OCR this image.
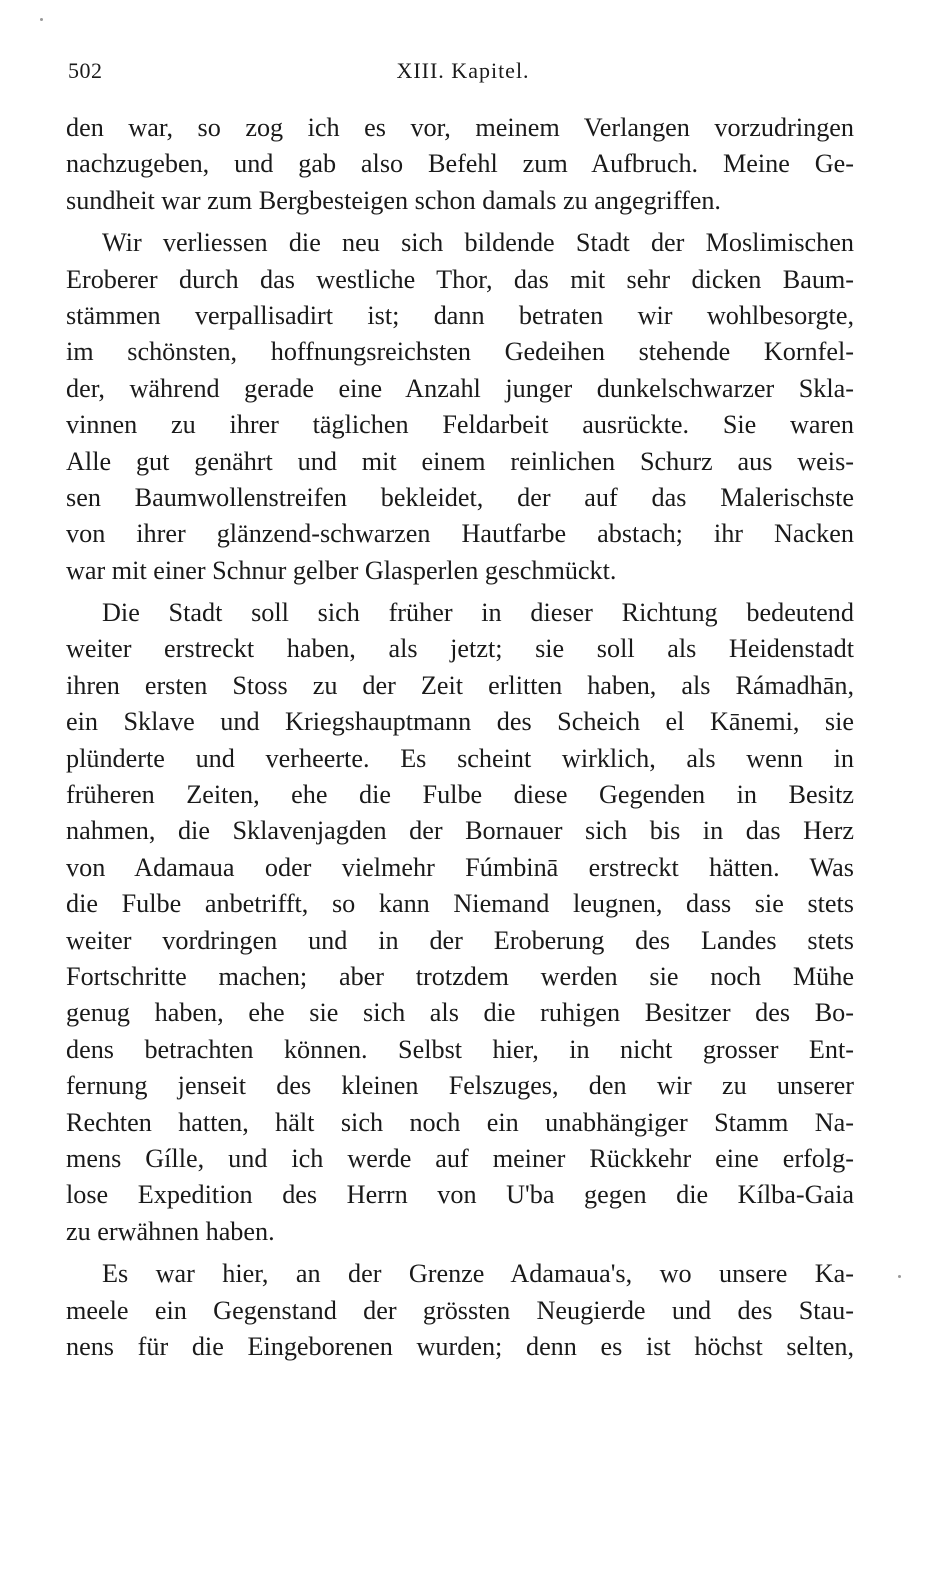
502	XIII. Kapitel.

den war, so zog ich es vor, meinem Verlangen vorzudringen
nachzugeben, und gab also Befehl zum Aufbruch. Meine Ge-
sundheit war zum Bergbesteigen schon damals zu angegriffen.

Wir verliessen die neu sich bildende Stadt der Moslimischen
Eroberer durch das westliche Thor, das mit sehr dicken Baum-
stämmen verpallisadirt ist; dann betraten wir wohlbesorgte,
im schönsten, hoffnungsreichsten Gedeihen stehende Kornfel-
der, während gerade eine Anzahl junger dunkelschwarzer Skla-
vinnen zu ihrer täglichen Feldarbeit ausrückte. Sie waren
Alle gut genährt und mit einem reinlichen Schurz aus weis-
sen Baumwollenstreifen bekleidet, der auf das Malerischste
von ihrer glänzend-schwarzen Hautfarbe abstach; ihr Nacken
war mit einer Schnur gelber Glasperlen geschmückt.

Die Stadt soll sich früher in dieser Richtung bedeutend
weiter erstreckt haben, als jetzt; sie soll als Heidenstadt
ihren ersten Stoss zu der Zeit erlitten haben, als Rámadhān,
ein Sklave und Kriegshauptmann des Scheich el Kānemi, sie
plünderte und verheerte. Es scheint wirklich, als wenn in
früheren Zeiten, ehe die Fulbe diese Gegenden in Besitz
nahmen, die Sklavenjagden der Bornauer sich bis in das Herz
von Adamaua oder vielmehr Fúmbinā erstreckt hätten. Was
die Fulbe anbetrifft, so kann Niemand leugnen, dass sie stets
weiter vordringen und in der Eroberung des Landes stets
Fortschritte machen; aber trotzdem werden sie noch Mühe
genug haben, ehe sie sich als die ruhigen Besitzer des Bo-
dens betrachten können. Selbst hier, in nicht grosser Ent-
fernung jenseit des kleinen Felszuges, den wir zu unserer
Rechten hatten, hält sich noch ein unabhängiger Stamm Na-
mens Gílle, und ich werde auf meiner Rückkehr eine erfolg-
lose Expedition des Herrn von U'ba gegen die Kílba-Gaia
zu erwähnen haben.

Es war hier, an der Grenze Adamaua's, wo unsere Ka-
meele ein Gegenstand der grössten Neugierde und des Stau-
nens für die Eingeborenen wurden; denn es ist höchst selten,
